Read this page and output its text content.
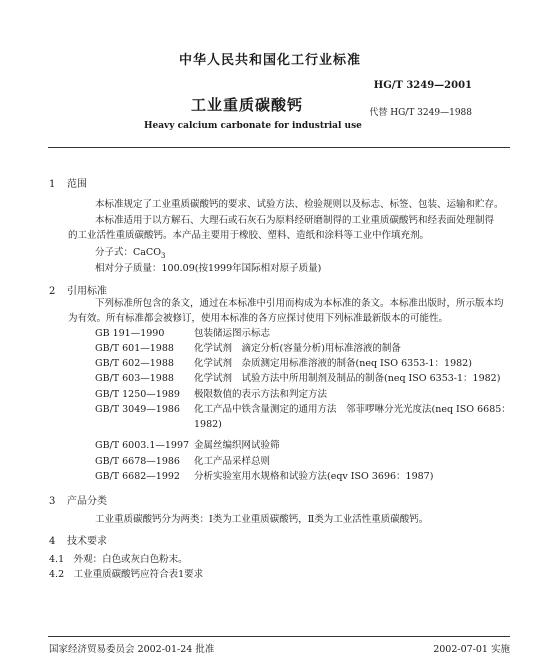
中华人民共和国化工行业标准
HG/T 3249—2001
工业重质碳酸钙	代替 HG/T 3249—1988
Heavy calcium carbonate for industrial use
1 范围
本标准规定了工业重质碳酸钙的要求、试验方法、检验规则以及标志、标签、包装、运输和贮存。
本标准适用于以方解石、大理石或石灰石为原料经研磨制得的工业重质碳酸钙和经表面处理制得
的工业活性重质碳酸钙。本产品主要用于橡胶、塑料、造纸和涂料等工业中作填充剂。
分子式：CaCO$_3$
相对分子质量：100.09(按1999年国际相对原子质量)
2 引用标准
下列标准所包含的条文，通过在本标准中引用而构成为本标准的条文。本标准出版时，所示版本均
为有效。所有标准都会被修订，使用本标准的各方应探讨使用下列标准最新版本的可能性。
GB 191—1990	包装储运图示标志
GB/T 601—1988 化学试剂　滴定分析(容量分析)用标准溶液的制备
GB/T 602—1988 化学试剂　杂质测定用标准溶液的制备(neq ISO 6353-1：1982)
GB/T 603—1988 化学试剂　试验方法中所用制剂及制品的制备(neq ISO 6353-1：1982)
GB/T 1250—1989 极限数值的表示方法和判定方法
GB/T 3049—1986 化工产品中铁含量测定的通用方法　邻菲啰啉分光光度法(neq ISO 6685：
1982)
GB/T 6003.1—1997 金属丝编织网试验筛
GB/T 6678—1986 化工产品采样总则
GB/T 6682—1992 分析实验室用水规格和试验方法(eqv ISO 3696：1987)
3 产品分类
工业重质碳酸钙分为两类：Ⅰ类为工业重质碳酸钙，Ⅱ类为工业活性重质碳酸钙。
4 技术要求
4.1　外观：白色或灰白色粉末。
4.2　工业重质碳酸钙应符合表1要求
国家经济贸易委员会 2002-01-24 批准	2002-07-01 实施
